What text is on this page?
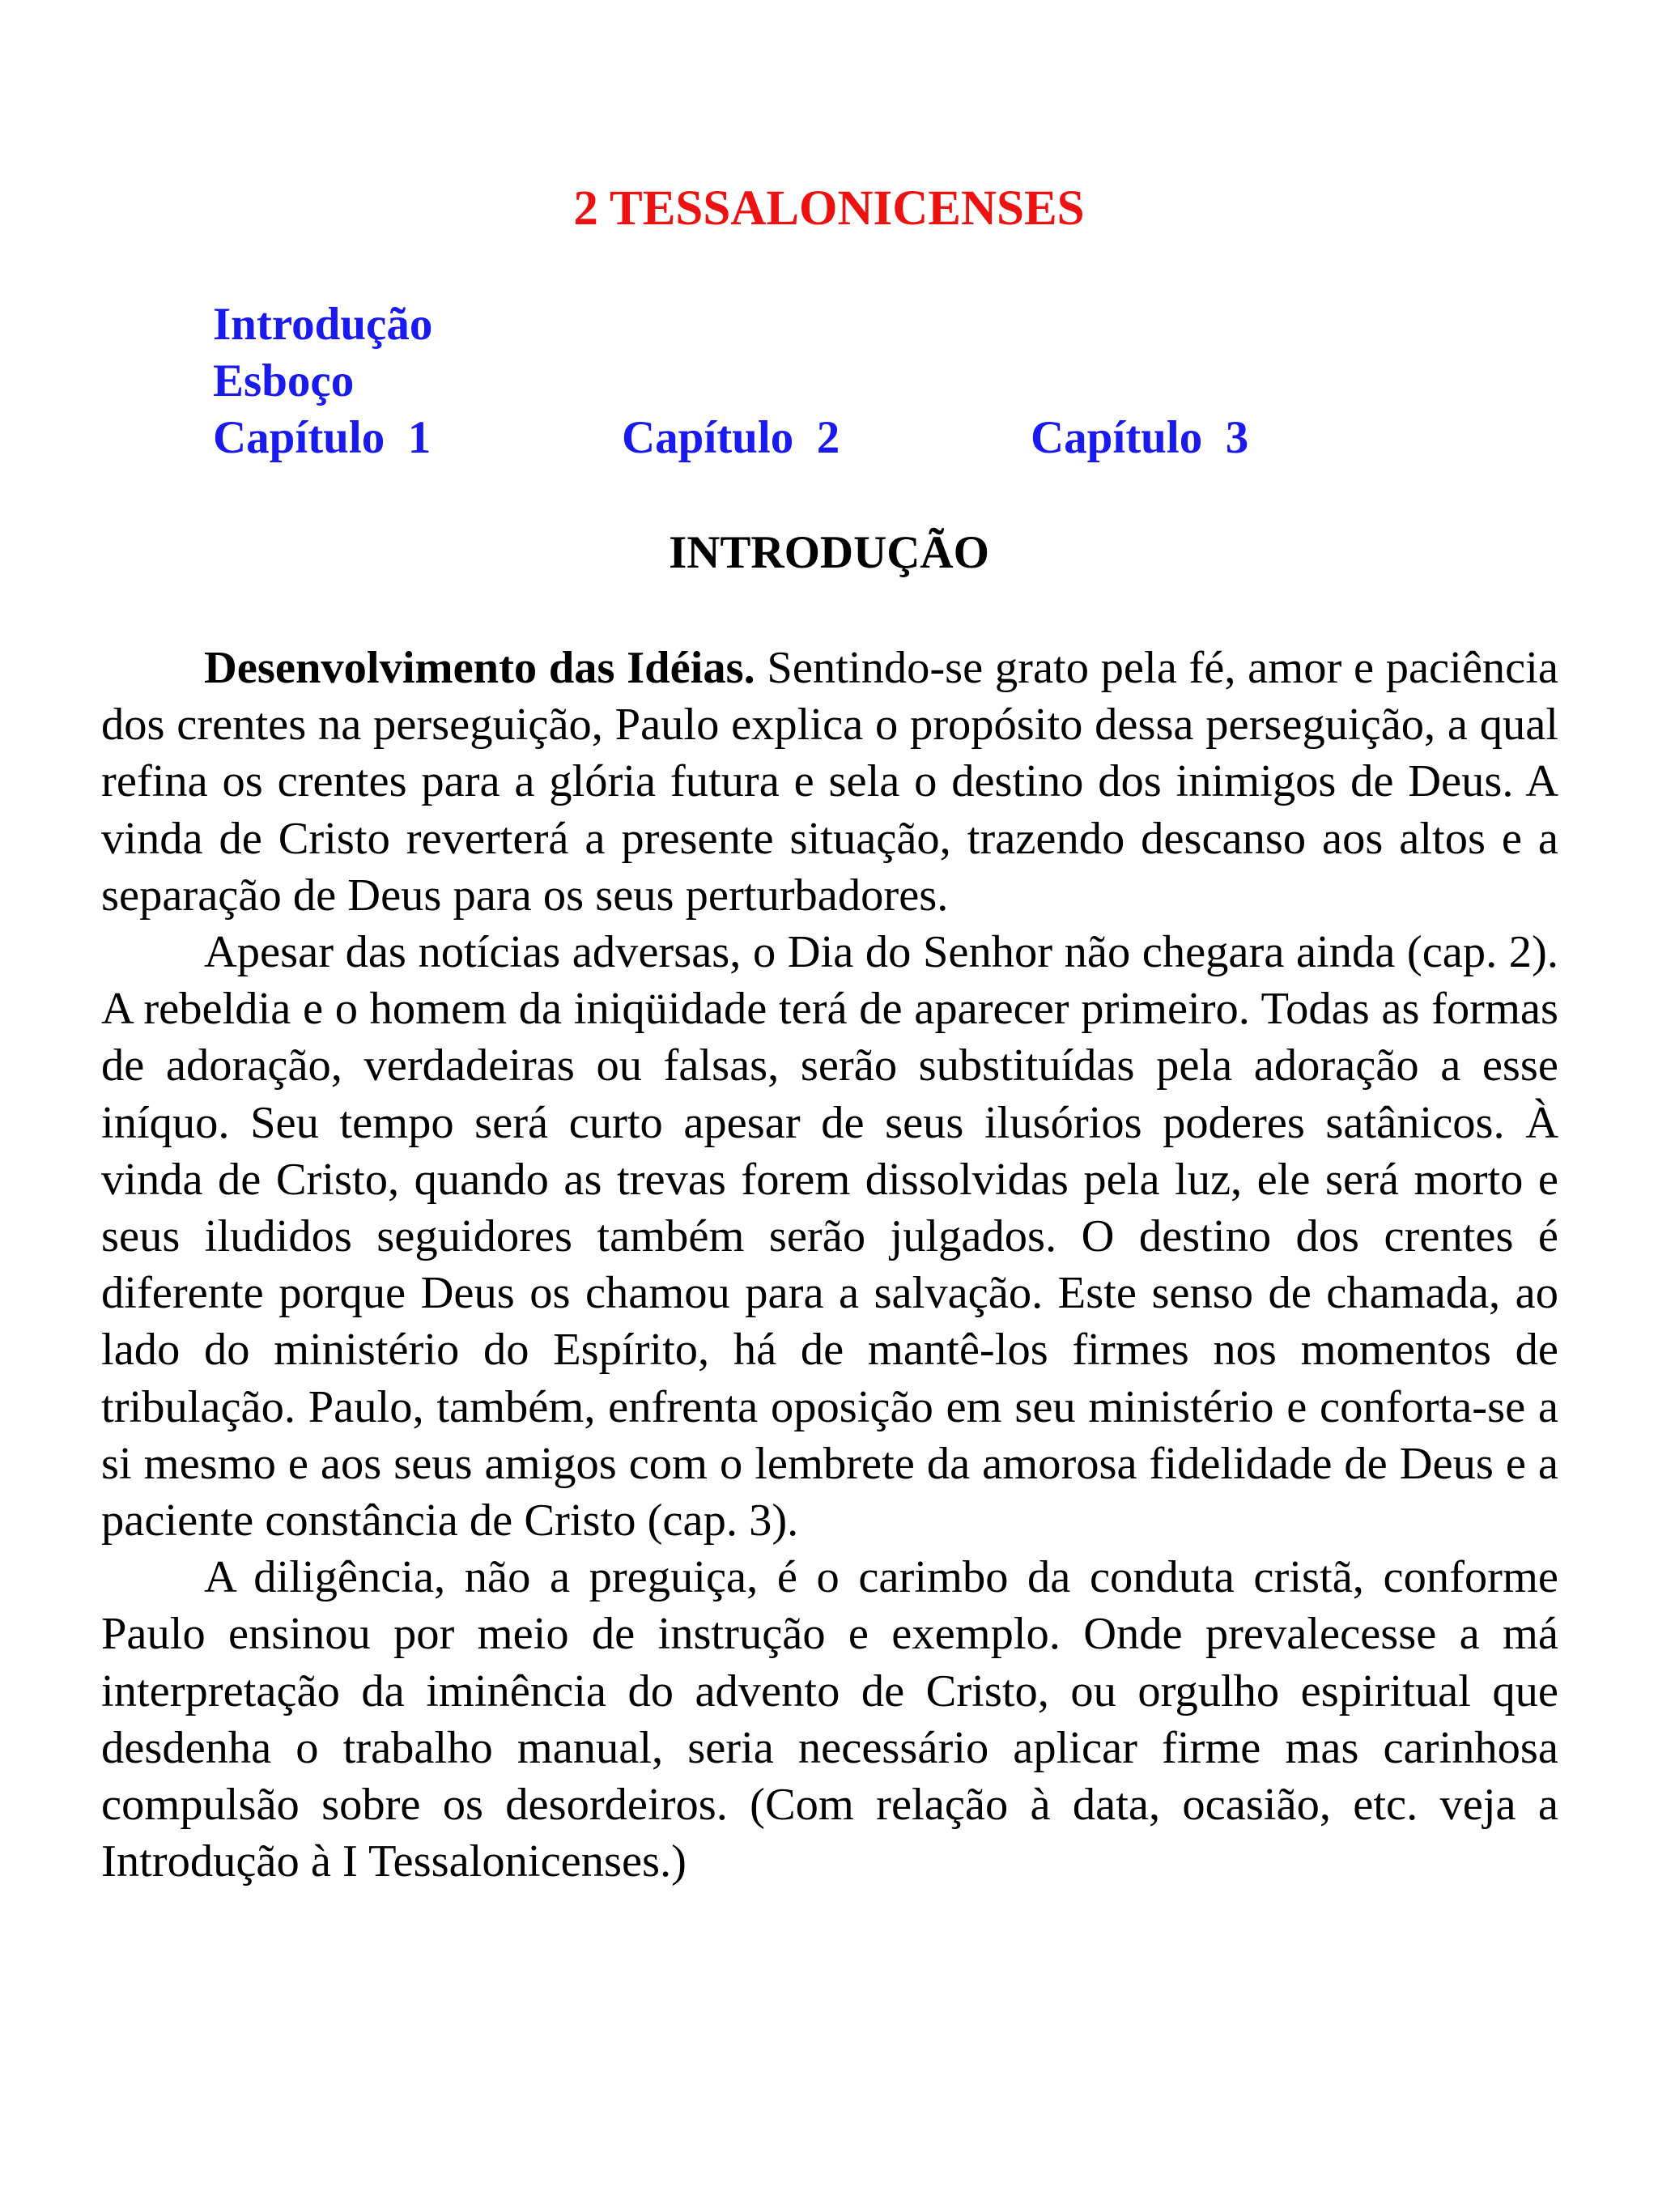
2 TESSALONICENSES
Introdução
Esboço
Capítulo  1	Capítulo  2	Capítulo  3
INTRODUÇÃO

Desenvolvimento das Idéias. Sentindo-se grato pela fé, amor e paciência dos crentes na perseguição, Paulo explica o propósito dessa perseguição, a qual refina os crentes para a glória futura e sela o destino dos inimigos de Deus. A vinda de Cristo reverterá a presente situação, trazendo descanso aos altos e a separação de Deus para os seus perturbadores.

Apesar das notícias adversas, o Dia do Senhor não chegara ainda (cap. 2). A rebeldia e o homem da iniqüidade terá de aparecer primeiro. Todas as formas de adoração, verdadeiras ou falsas, serão substituídas pela adoração a esse iníquo. Seu tempo será curto apesar de seus ilusórios poderes satânicos. À vinda de Cristo, quando as trevas forem dissolvidas pela luz, ele será morto e seus iludidos seguidores também serão julgados. O destino dos crentes é diferente porque Deus os chamou para a salvação. Este senso de chamada, ao lado do ministério do Espírito, há de mantê-los firmes nos momentos de tribulação. Paulo, também, enfrenta oposição em seu ministério e conforta-se a si mesmo e aos seus amigos com o lembrete da amorosa fidelidade de Deus e a paciente constância de Cristo (cap. 3).

A diligência, não a preguiça, é o carimbo da conduta cristã, conforme Paulo ensinou por meio de instrução e exemplo. Onde prevalecesse a má interpretação da iminência do advento de Cristo, ou orgulho espiritual que desdenha o trabalho manual, seria necessário aplicar firme mas carinhosa compulsão sobre os desordeiros. (Com relação à data, ocasião, etc. veja a Introdução à I Tessalonicenses.)
